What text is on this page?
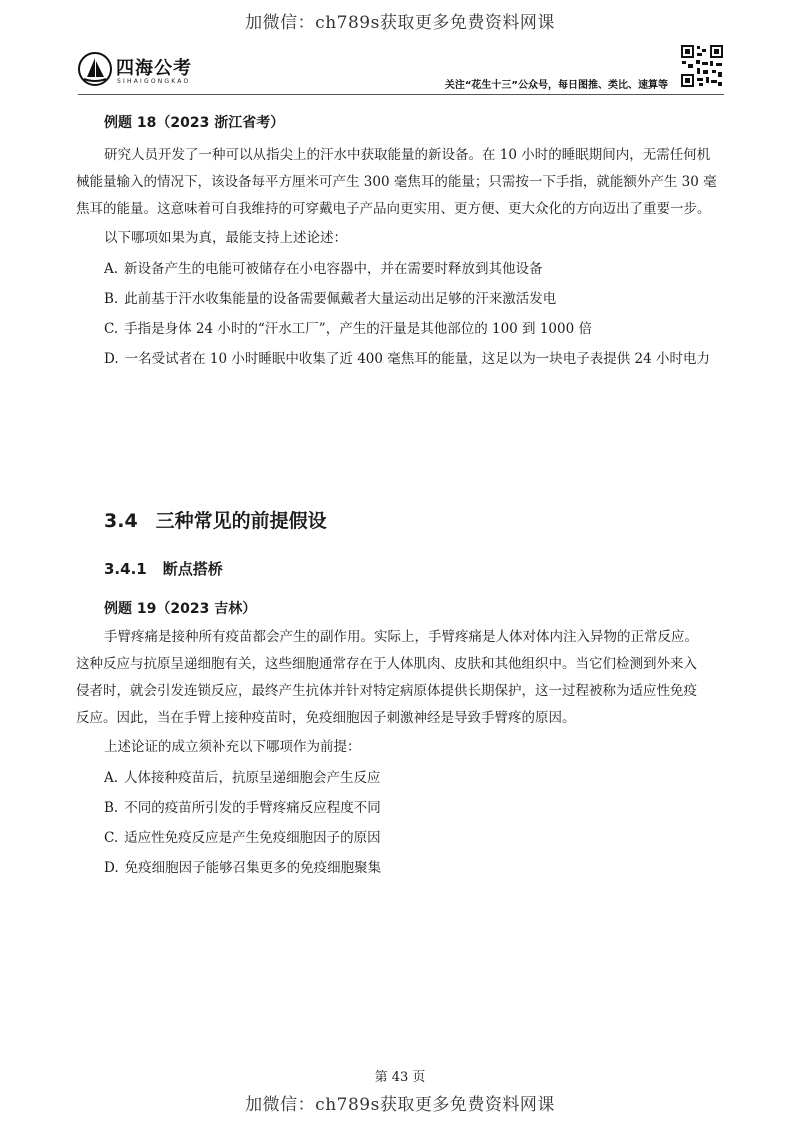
加微信：ch789s获取更多免费资料网课
四海公考
SIHAIGONGKAO	关注“花生十三”公众号，每日图推、类比、速算等

例题 18（2023 浙江省考）

研究人员开发了一种可以从指尖上的汗水中获取能量的新设备。在 10 小时的睡眠期间内，无需任何机

械能量输入的情况下，该设备每平方厘米可产生 300 毫焦耳的能量；只需按一下手指，就能额外产生 30 毫

焦耳的能量。这意味着可自我维持的可穿戴电子产品向更实用、更方便、更大众化的方向迈出了重要一步。

以下哪项如果为真，最能支持上述论述：

A. 新设备产生的电能可被储存在小电容器中，并在需要时释放到其他设备

B. 此前基于汗水收集能量的设备需要佩戴者大量运动出足够的汗来激活发电

C. 手指是身体 24 小时的“汗水工厂”，产生的汗量是其他部位的 100 到 1000 倍

D. 一名受试者在 10 小时睡眠中收集了近 400 毫焦耳的能量，这足以为一块电子表提供 24 小时电力

3.4 三种常见的前提假设
3.4.1 断点搭桥

例题 19（2023 吉林）

手臂疼痛是接种所有疫苗都会产生的副作用。实际上，手臂疼痛是人体对体内注入异物的正常反应。

这种反应与抗原呈递细胞有关，这些细胞通常存在于人体肌肉、皮肤和其他组织中。当它们检测到外来入

侵者时，就会引发连锁反应，最终产生抗体并针对特定病原体提供长期保护，这一过程被称为适应性免疫

反应。因此，当在手臂上接种疫苗时，免疫细胞因子刺激神经是导致手臂疼的原因。

上述论证的成立须补充以下哪项作为前提：

A. 人体接种疫苗后，抗原呈递细胞会产生反应

B. 不同的疫苗所引发的手臂疼痛反应程度不同

C. 适应性免疫反应是产生免疫细胞因子的原因

D. 免疫细胞因子能够召集更多的免疫细胞聚集

第 43 页
加微信：ch789s获取更多免费资料网课
